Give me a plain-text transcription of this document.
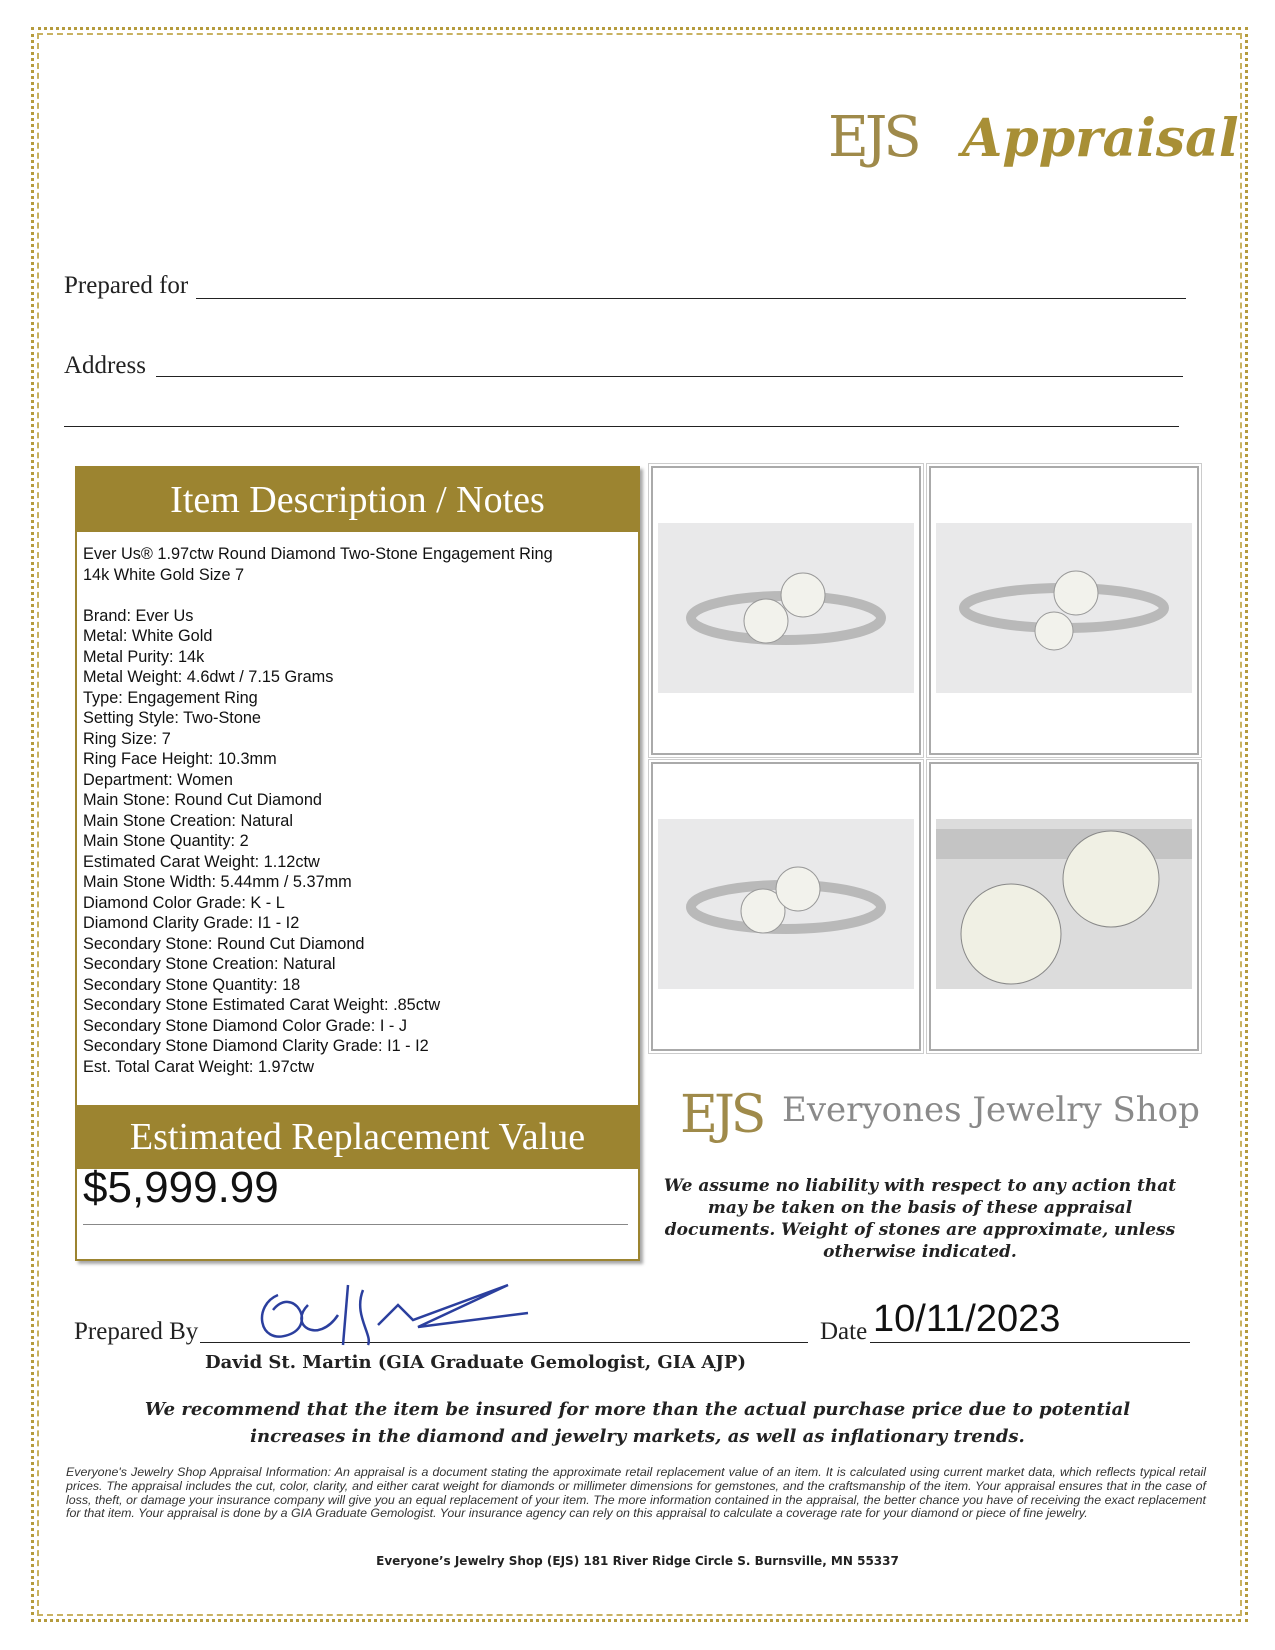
EJS Appraisal
Prepared for
Address
Item Description / Notes
Ever Us® 1.97ctw Round Diamond Two-Stone Engagement Ring
14k White Gold Size 7
Brand: Ever Us
Metal: White Gold
Metal Purity: 14k
Metal Weight: 4.6dwt / 7.15 Grams
Type: Engagement Ring
Setting Style: Two-Stone
Ring Size: 7
Ring Face Height: 10.3mm
Department: Women
Main Stone: Round Cut Diamond
Main Stone Creation: Natural
Main Stone Quantity: 2
Estimated Carat Weight: 1.12ctw
Main Stone Width: 5.44mm / 5.37mm
Diamond Color Grade: K - L
Diamond Clarity Grade: I1 - I2
Secondary Stone: Round Cut Diamond
Secondary Stone Creation: Natural
Secondary Stone Quantity: 18
Secondary Stone Estimated Carat Weight: .85ctw
Secondary Stone Diamond Color Grade: I - J
Secondary Stone Diamond Clarity Grade: I1 - I2
Est. Total Carat Weight: 1.97ctw
Estimated Replacement Value
$5,999.99
EJS Everyones Jewelry Shop
We assume no liability with respect to any action that may be taken on the basis of these appraisal documents. Weight of stones are approximate, unless otherwise indicated.
Prepared By	Date 10/11/2023
David St. Martin (GIA Graduate Gemologist, GIA AJP)
We recommend that the item be insured for more than the actual purchase price due to potential increases in the diamond and jewelry markets, as well as inflationary trends.
Everyone's Jewelry Shop Appraisal Information: An appraisal is a document stating the approximate retail replacement value of an item. It is calculated using current market data, which reflects typical retail prices. The appraisal includes the cut, color, clarity, and either carat weight for diamonds or millimeter dimensions for gemstones, and the craftsmanship of the item. Your appraisal ensures that in the case of loss, theft, or damage your insurance company will give you an equal replacement of your item. The more information contained in the appraisal, the better chance you have of receiving the exact replacement for that item. Your appraisal is done by a GIA Graduate Gemologist. Your insurance agency can rely on this appraisal to calculate a coverage rate for your diamond or piece of fine jewelry.
Everyone’s Jewelry Shop (EJS) 181 River Ridge Circle S. Burnsville, MN 55337
